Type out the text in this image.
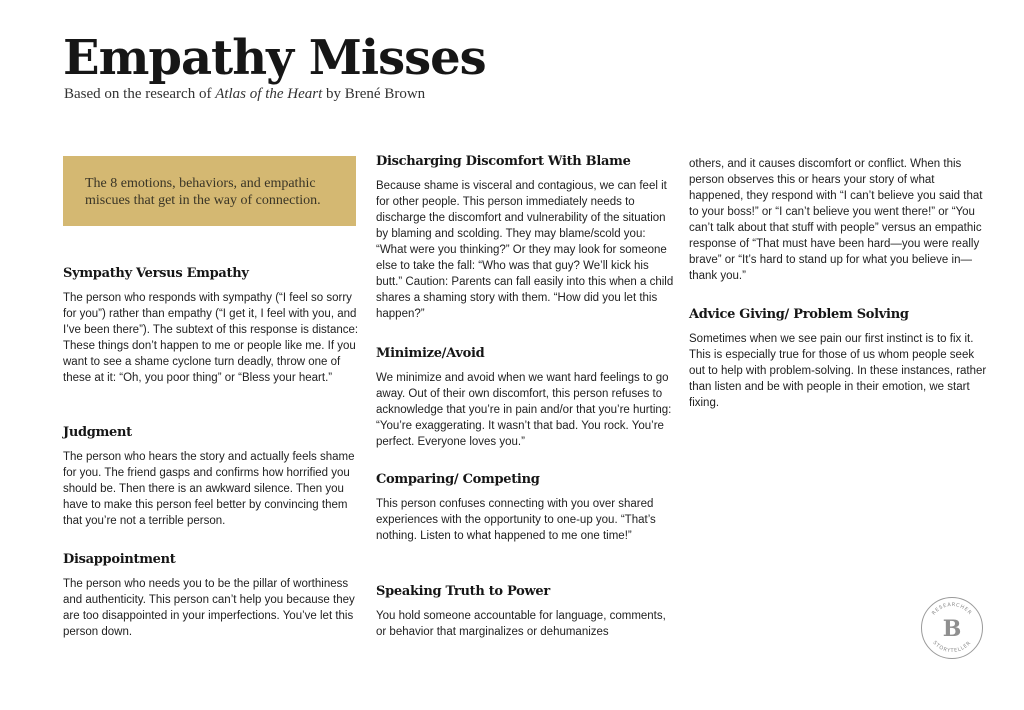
Empathy Misses
Based on the research of Atlas of the Heart by Brené Brown
The 8 emotions, behaviors, and empathic miscues that get in the way of connection.
Sympathy Versus Empathy

The person who responds with sympathy (“I feel so sorry for you”) rather than empathy (“I get it, I feel with you, and I’ve been there”). The subtext of this response is distance: These things don’t happen to me or people like me. If you want to see a shame cyclone turn deadly, throw one of these at it: “Oh, you poor thing” or “Bless your heart.”

Judgment

The person who hears the story and actually feels shame for you. The friend gasps and confirms how horrified you should be. Then there is an awkward silence. Then you have to make this person feel better by convincing them that you’re not a terrible person.

Disappointment

The person who needs you to be the pillar of worthiness and authenticity. This person can’t help you because they are too disappointed in your imperfections. You’ve let this person down.

Discharging Discomfort With Blame

Because shame is visceral and contagious, we can feel it for other people. This person immediately needs to discharge the discomfort and vulnerability of the situation by blaming and scolding. They may blame/scold you: “What were you thinking?” Or they may look for someone else to take the fall: “Who was that guy? We’ll kick his butt.” Caution: Parents can fall easily into this when a child shares a shaming story with them. “How did you let this happen?”

Minimize/Avoid

We minimize and avoid when we want hard feelings to go away. Out of their own discomfort, this person refuses to acknowledge that you’re in pain and/or that you’re hurting: “You’re exaggerating. It wasn’t that bad. You rock. You’re perfect. Everyone loves you.”

Comparing/ Competing

This person confuses connecting with you over shared experiences with the opportunity to one-up you. “That’s nothing. Listen to what happened to me one time!”

Speaking Truth to Power

You hold someone accountable for language, comments, or behavior that marginalizes or dehumanizes

others, and it causes discomfort or conflict. When this person observes this or hears your story of what happened, they respond with “I can’t believe you said that to your boss!” or “I can’t believe you went there!” or “You can’t talk about that stuff with people” versus an empathic response of “That must have been hard—you were really brave” or “It’s hard to stand up for what you believe in—thank you.”

Advice Giving/ Problem Solving

Sometimes when we see pain our first instinct is to fix it. This is especially true for those of us whom people seek out to help with problem-solving. In these instances, rather than listen and be with people in their emotion, we start fixing.

RESEARCHER
STORYTELLER
B
